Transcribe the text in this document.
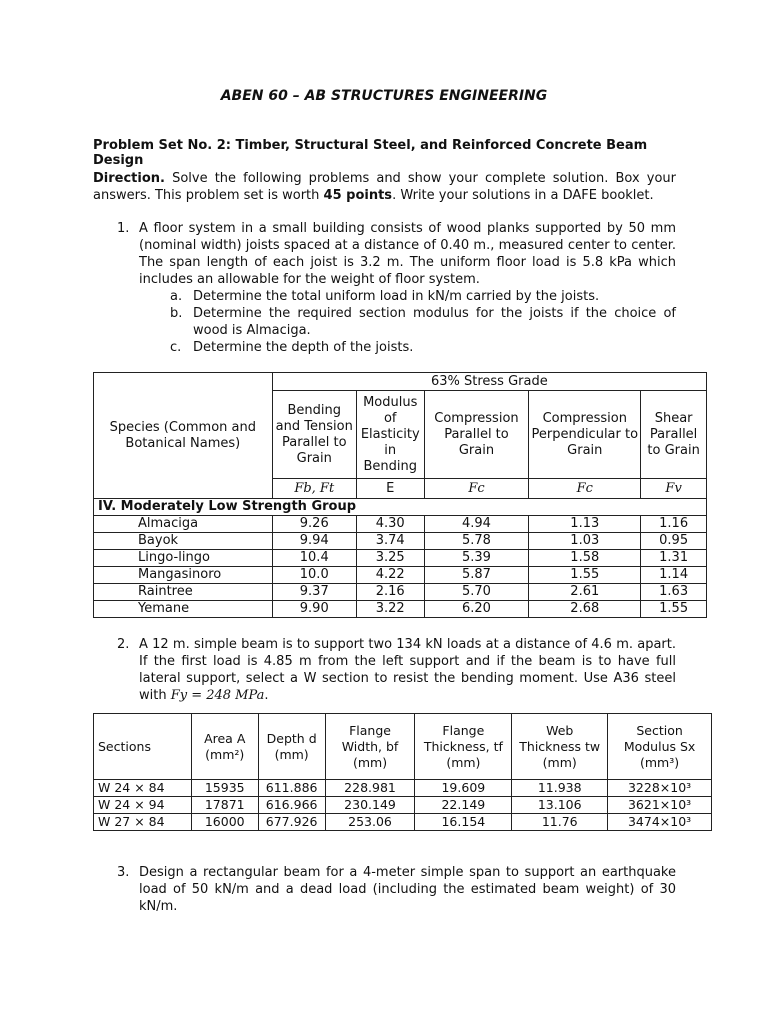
ABEN 60 – AB STRUCTURES ENGINEERING
Problem Set No. 2: Timber, Structural Steel, and Reinforced Concrete Beam Design
Direction. Solve the following problems and show your complete solution. Box your answers. This problem set is worth 45 points. Write your solutions in a DAFE booklet.
1. A floor system in a small building consists of wood planks supported by 50 mm (nominal width) joists spaced at a distance of 0.40 m., measured center to center. The span length of each joist is 3.2 m. The uniform floor load is 5.8 kPa which includes an allowable for the weight of floor system.
a. Determine the total uniform load in kN/m carried by the joists.
b. Determine the required section modulus for the joists if the choice of wood is Almaciga.
c. Determine the depth of the joists.
Species (Common and Botanical Names)	63% Stress Grade				
	Bending and Tension Parallel to Grain	Modulus of Elasticity in Bending	Compression Parallel to Grain	Compression Perpendicular to Grain	Shear Parallel to Grain
	Fb, Ft	E	Fc	Fc	Fv
IV. Moderately Low Strength Group					
Almaciga	9.26	4.30	4.94	1.13	1.16
Bayok	9.94	3.74	5.78	1.03	0.95
Lingo-lingo	10.4	3.25	5.39	1.58	1.31
Mangasinoro	10.0	4.22	5.87	1.55	1.14
Raintree	9.37	2.16	5.70	2.61	1.63
Yemane	9.90	3.22	6.20	2.68	1.55
2. A 12 m. simple beam is to support two 134 kN loads at a distance of 4.6 m. apart. If the first load is 4.85 m from the left support and if the beam is to have full lateral support, select a W section to resist the bending moment. Use A36 steel with Fy = 248 MPa.
Sections	Area A (mm²)	Depth d (mm)	Flange Width, bf (mm)	Flange Thickness, tf (mm)	Web Thickness tw (mm)	Section Modulus Sx (mm³)
W 24 × 84	15935	611.886	228.981	19.609	11.938	3228×10³
W 24 × 94	17871	616.966	230.149	22.149	13.106	3621×10³
W 27 × 84	16000	677.926	253.06	16.154	11.76	3474×10³
3. Design a rectangular beam for a 4-meter simple span to support an earthquake load of 50 kN/m and a dead load (including the estimated beam weight) of 30 kN/m.
